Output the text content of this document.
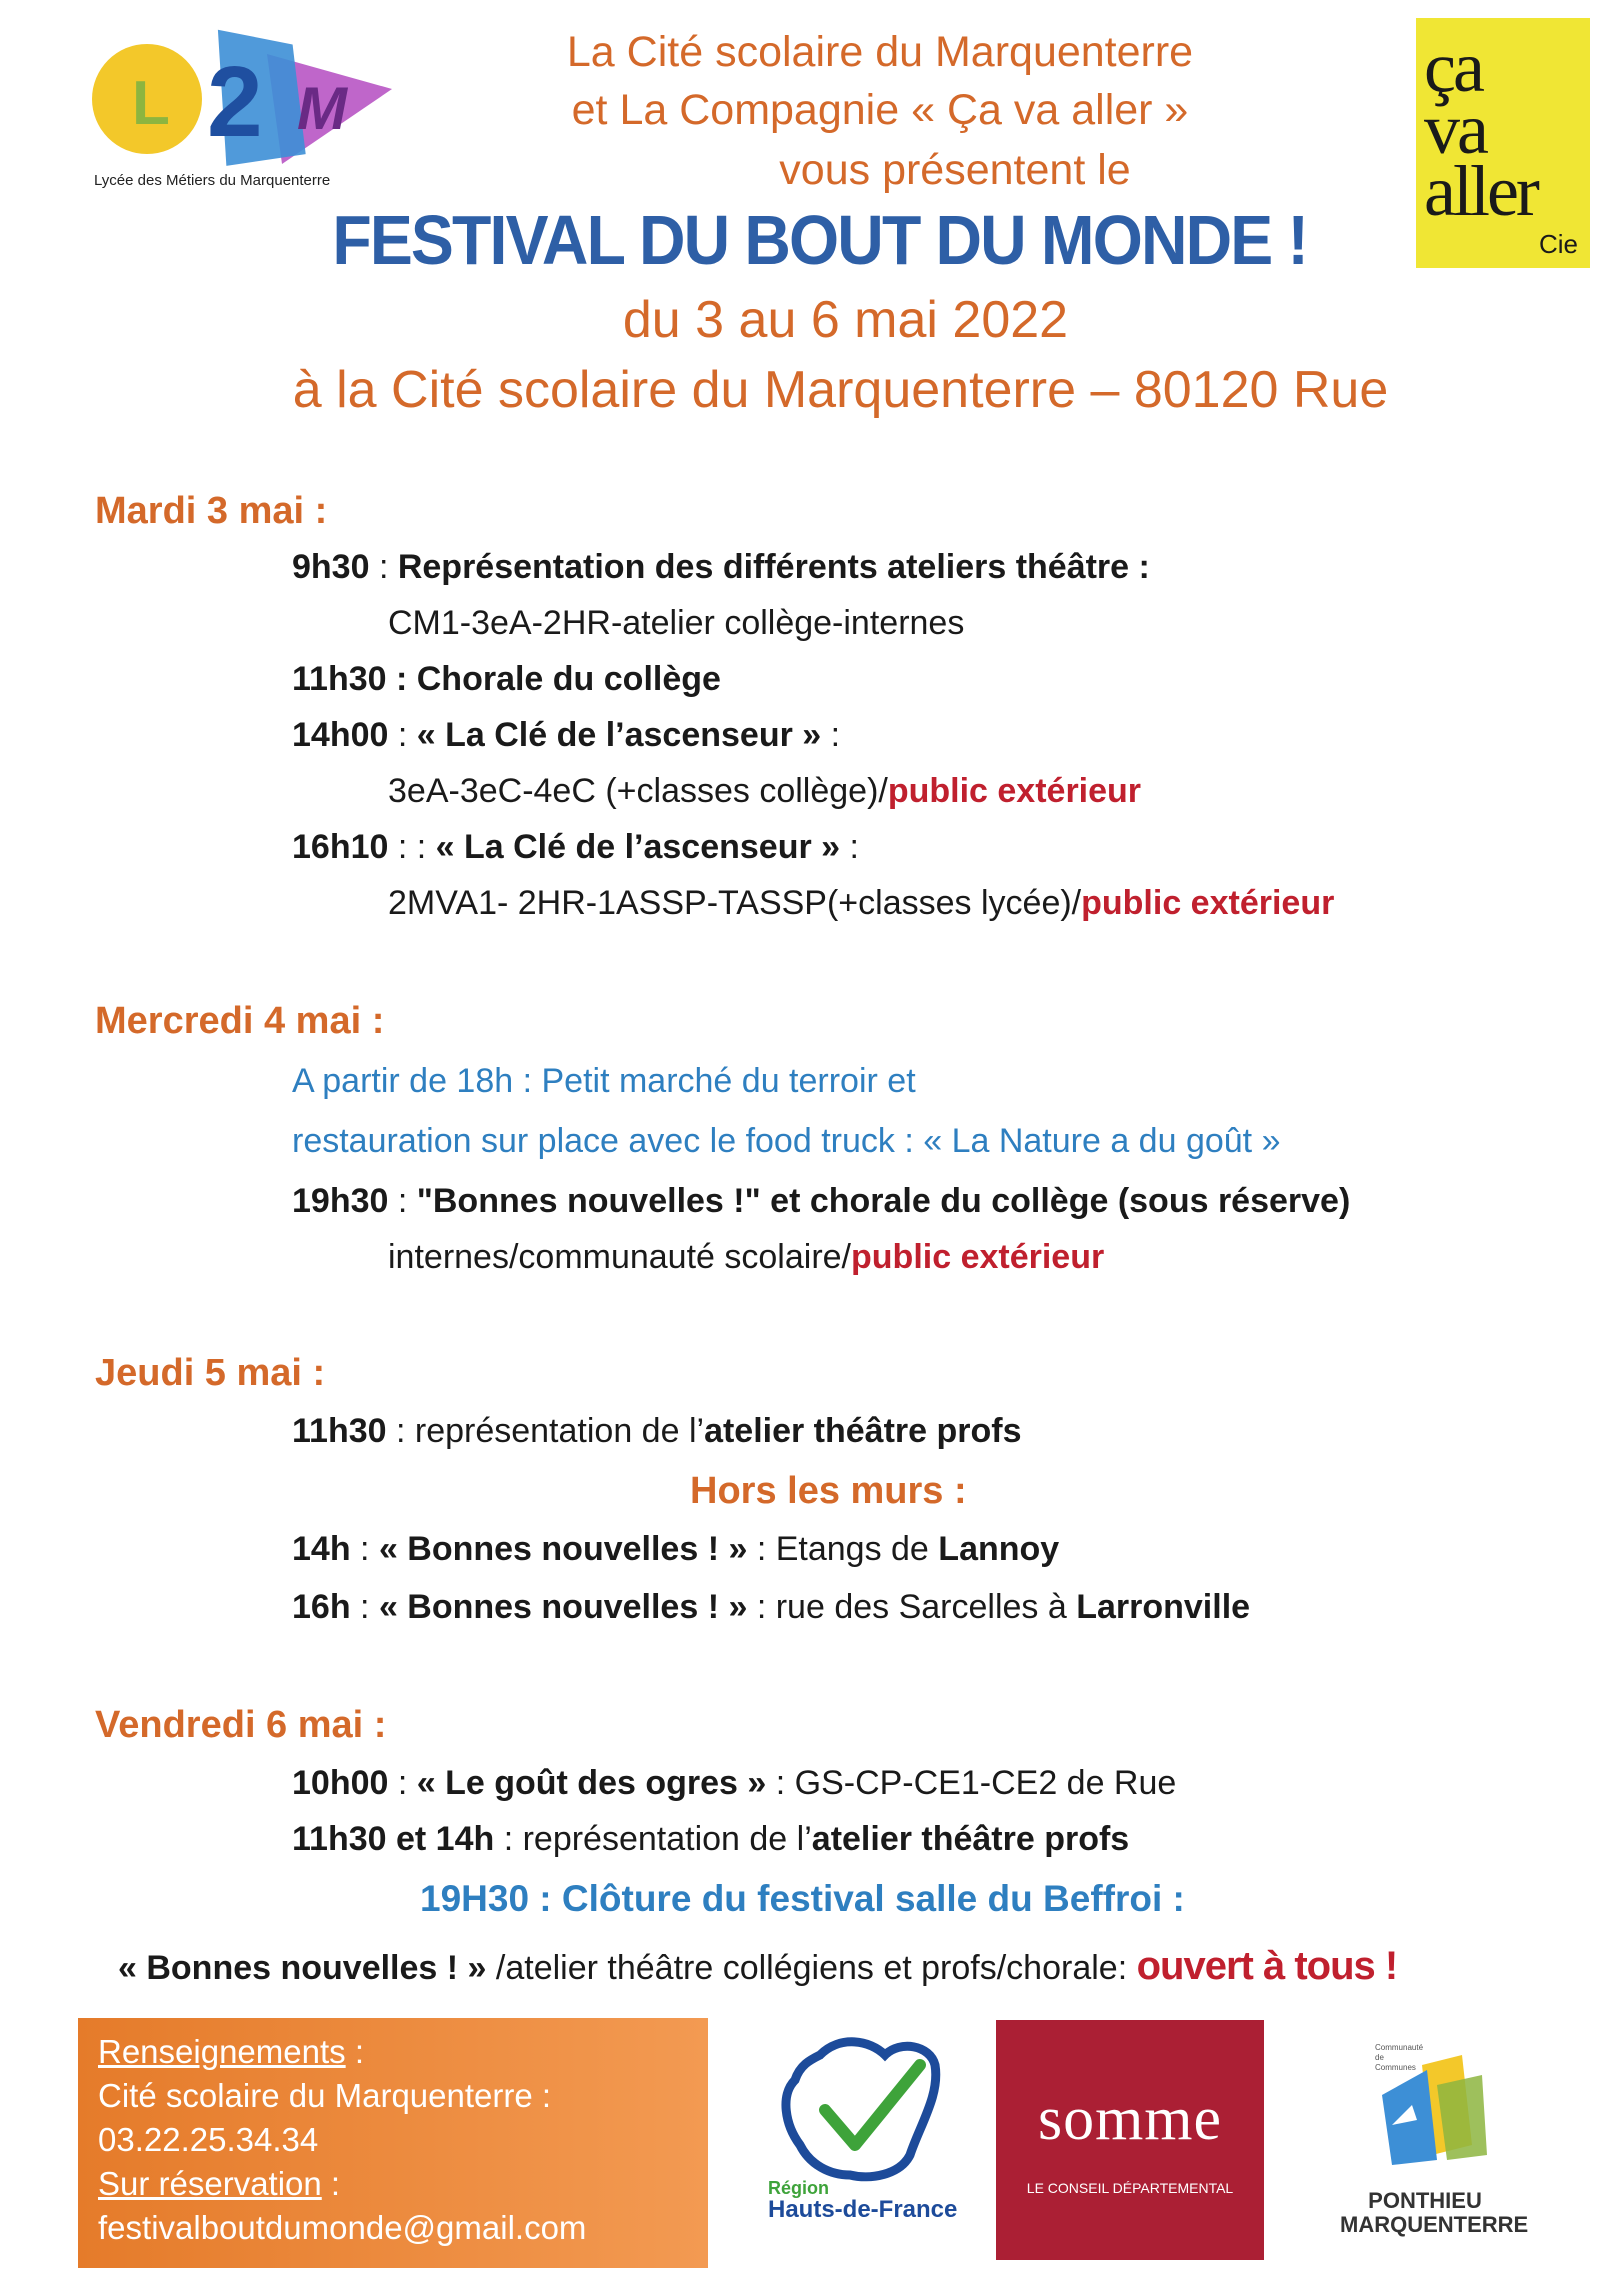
L 2 M
Lycée des Métiers du Marquenterre
ça
va
aller
Cie
La Cité scolaire du Marquenterre
et La Compagnie « Ça va aller »
vous présentent le
FESTIVAL DU BOUT DU MONDE !
du 3 au 6 mai 2022
à la Cité scolaire du Marquenterre – 80120 Rue
Mardi 3 mai :
9h30 : Représentation des différents ateliers théâtre :
CM1-3eA-2HR-atelier collège-internes
11h30 : Chorale du collège
14h00 : « La Clé de l’ascenseur » :
3eA-3eC-4eC (+classes collège)/public extérieur
16h10 : : « La Clé de l’ascenseur » :
2MVA1- 2HR-1ASSP-TASSP(+classes lycée)/public extérieur
Mercredi 4 mai :
A partir de 18h : Petit marché du terroir et
restauration sur place avec le food truck : « La Nature a du goût »
19h30 : "Bonnes nouvelles !" et chorale du collège (sous réserve)
internes/communauté scolaire/public extérieur
Jeudi 5 mai :
11h30 : représentation de l’atelier théâtre profs
Hors les murs :
14h : « Bonnes nouvelles ! » : Etangs de Lannoy
16h : « Bonnes nouvelles ! » : rue des Sarcelles à Larronville
Vendredi 6 mai :
10h00 : « Le goût des ogres » : GS-CP-CE1-CE2 de Rue
11h30 et 14h : représentation de l’atelier théâtre profs
19H30 : Clôture du festival salle du Beffroi :
« Bonnes nouvelles ! » /atelier théâtre collégiens et profs/chorale: ouvert à tous !
Renseignements :
Cité scolaire du Marquenterre :
03.22.25.34.34
Sur réservation :
festivalboutdumonde@gmail.com
Région
Hauts-de-France
somme
LE CONSEIL DÉPARTEMENTAL
Communauté de Communes
PONTHIEU
MARQUENTERRE
